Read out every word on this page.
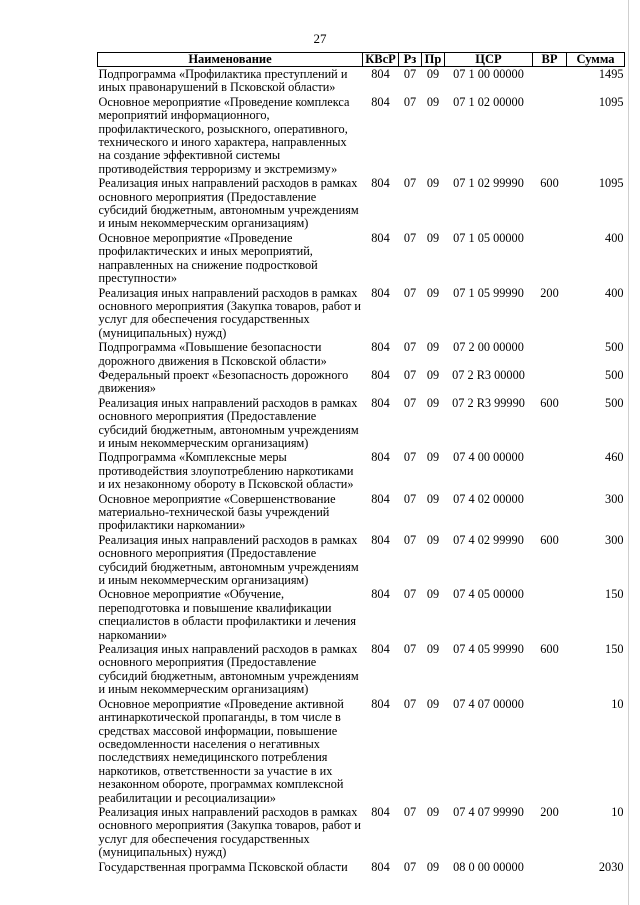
27
Наименование	КВсР	Рз	Пр	ЦСР	ВР	Сумма
Подпрограмма «Профилактика преступлений и иных правонарушений в Псковской области»	804	07	09	07 1 00 00000		1495
Основное мероприятие «Проведение комплекса мероприятий информационного, профилактического, розыскного, оперативного, технического и иного характера, направленных на создание эффективной системы противодействия терроризму и экстремизму»	804	07	09	07 1 02 00000		1095
Реализация иных направлений расходов в рамках основного мероприятия (Предоставление субсидий бюджетным, автономным учреждениям и иным некоммерческим организациям)	804	07	09	07 1 02 99990	600	1095
Основное мероприятие «Проведение профилактических и иных мероприятий, направленных на снижение подростковой преступности»	804	07	09	07 1 05 00000		400
Реализация иных направлений расходов в рамках основного мероприятия (Закупка товаров, работ и услуг для обеспечения государственных (муниципальных) нужд)	804	07	09	07 1 05 99990	200	400
Подпрограмма «Повышение безопасности дорожного движения в Псковской области»	804	07	09	07 2 00 00000		500
Федеральный проект «Безопасность дорожного движения»	804	07	09	07 2 R3 00000		500
Реализация иных направлений расходов в рамках основного мероприятия (Предоставление субсидий бюджетным, автономным учреждениям и иным некоммерческим организациям)	804	07	09	07 2 R3 99990	600	500
Подпрограмма «Комплексные меры противодействия злоупотреблению наркотиками и их незаконному обороту в Псковской области»	804	07	09	07 4 00 00000		460
Основное мероприятие «Совершенствование материально-технической базы учреждений профилактики наркомании»	804	07	09	07 4 02 00000		300
Реализация иных направлений расходов в рамках основного мероприятия (Предоставление субсидий бюджетным, автономным учреждениям и иным некоммерческим организациям)	804	07	09	07 4 02 99990	600	300
Основное мероприятие «Обучение, переподготовка и повышение квалификации специалистов в области профилактики и лечения наркомании»	804	07	09	07 4 05 00000		150
Реализация иных направлений расходов в рамках основного мероприятия (Предоставление субсидий бюджетным, автономным учреждениям и иным некоммерческим организациям)	804	07	09	07 4 05 99990	600	150
Основное мероприятие «Проведение активной антинаркотической пропаганды, в том числе в средствах массовой информации, повышение осведомленности населения о негативных последствиях немедицинского потребления наркотиков, ответственности за участие в их незаконном обороте, программах комплексной реабилитации и ресоциализации»	804	07	09	07 4 07 00000		10
Реализация иных направлений расходов в рамках основного мероприятия (Закупка товаров, работ и услуг для обеспечения государственных (муниципальных) нужд)	804	07	09	07 4 07 99990	200	10
Государственная программа Псковской области	804	07	09	08 0 00 00000		2030
